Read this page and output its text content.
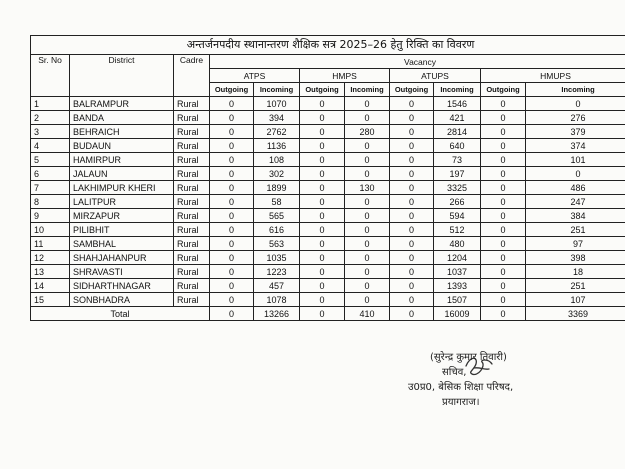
अन्तर्जनपदीय स्थानान्तरण शैक्षिक सत्र 2025–26 हेतु रिक्ति का विवरण										
Sr. No	District	Cadre	Vacancy							
			ATPS		HMPS		ATUPS		HMUPS	
			Outgoing	Incoming	Outgoing	Incoming	Outgoing	Incoming	Outgoing	Incoming
1	BALRAMPUR	Rural	0	1070	0	0	0	1546	0	0
2	BANDA	Rural	0	394	0	0	0	421	0	276
3	BEHRAICH	Rural	0	2762	0	280	0	2814	0	379
4	BUDAUN	Rural	0	1136	0	0	0	640	0	374
5	HAMIRPUR	Rural	0	108	0	0	0	73	0	101
6	JALAUN	Rural	0	302	0	0	0	197	0	0
7	LAKHIMPUR KHERI	Rural	0	1899	0	130	0	3325	0	486
8	LALITPUR	Rural	0	58	0	0	0	266	0	247
9	MIRZAPUR	Rural	0	565	0	0	0	594	0	384
10	PILIBHIT	Rural	0	616	0	0	0	512	0	251
11	SAMBHAL	Rural	0	563	0	0	0	480	0	97
12	SHAHJAHANPUR	Rural	0	1035	0	0	0	1204	0	398
13	SHRAVASTI	Rural	0	1223	0	0	0	1037	0	18
14	SIDHARTHNAGAR	Rural	0	457	0	0	0	1393	0	251
15	SONBHADRA	Rural	0	1078	0	0	0	1507	0	107
Total			0	13266	0	410	0	16009	0	3369
(सुरेन्द्र कुमार तिवारी)
सचिव,
उ0प्र0, बेसिक शिक्षा परिषद,
प्रयागराज।
